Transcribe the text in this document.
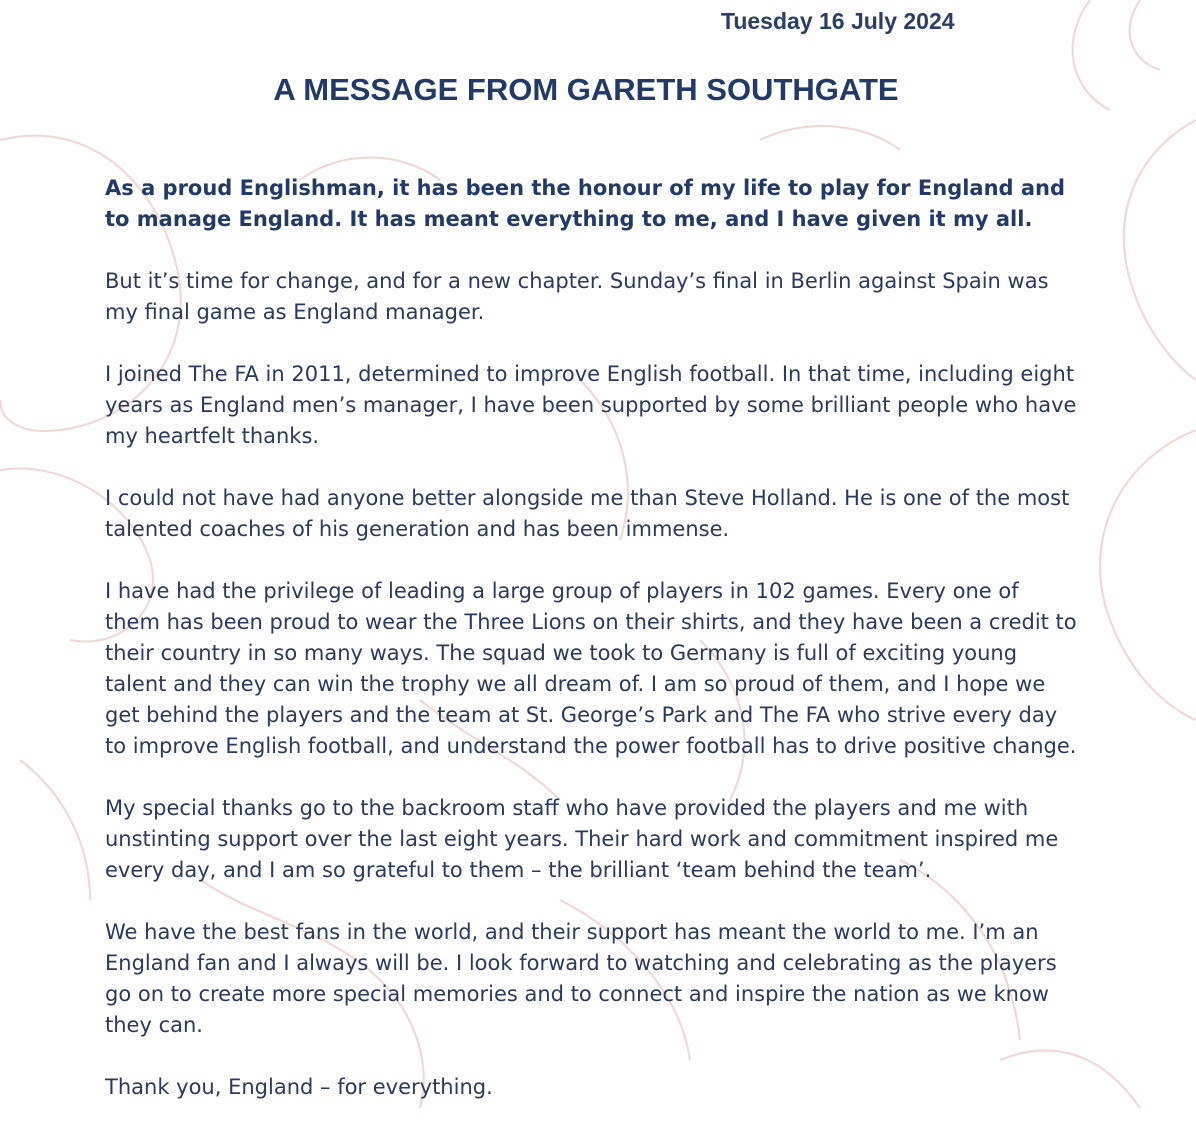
Tuesday 16 July 2024
A MESSAGE FROM GARETH SOUTHGATE

As a proud Englishman, it has been the honour of my life to play for England and to manage England. It has meant everything to me, and I have given it my all.

But it’s time for change, and for a new chapter. Sunday’s final in Berlin against Spain was my final game as England manager.

I joined The FA in 2011, determined to improve English football. In that time, including eight years as England men’s manager, I have been supported by some brilliant people who have my heartfelt thanks.

I could not have had anyone better alongside me than Steve Holland. He is one of the most talented coaches of his generation and has been immense.

I have had the privilege of leading a large group of players in 102 games. Every one of them has been proud to wear the Three Lions on their shirts, and they have been a credit to their country in so many ways. The squad we took to Germany is full of exciting young talent and they can win the trophy we all dream of. I am so proud of them, and I hope we get behind the players and the team at St. George’s Park and The FA who strive every day to improve English football, and understand the power football has to drive positive change.

My special thanks go to the backroom staff who have provided the players and me with unstinting support over the last eight years. Their hard work and commitment inspired me every day, and I am so grateful to them – the brilliant ‘team behind the team’.

We have the best fans in the world, and their support has meant the world to me. I’m an England fan and I always will be. I look forward to watching and celebrating as the players go on to create more special memories and to connect and inspire the nation as we know they can.

Thank you, England – for everything.
